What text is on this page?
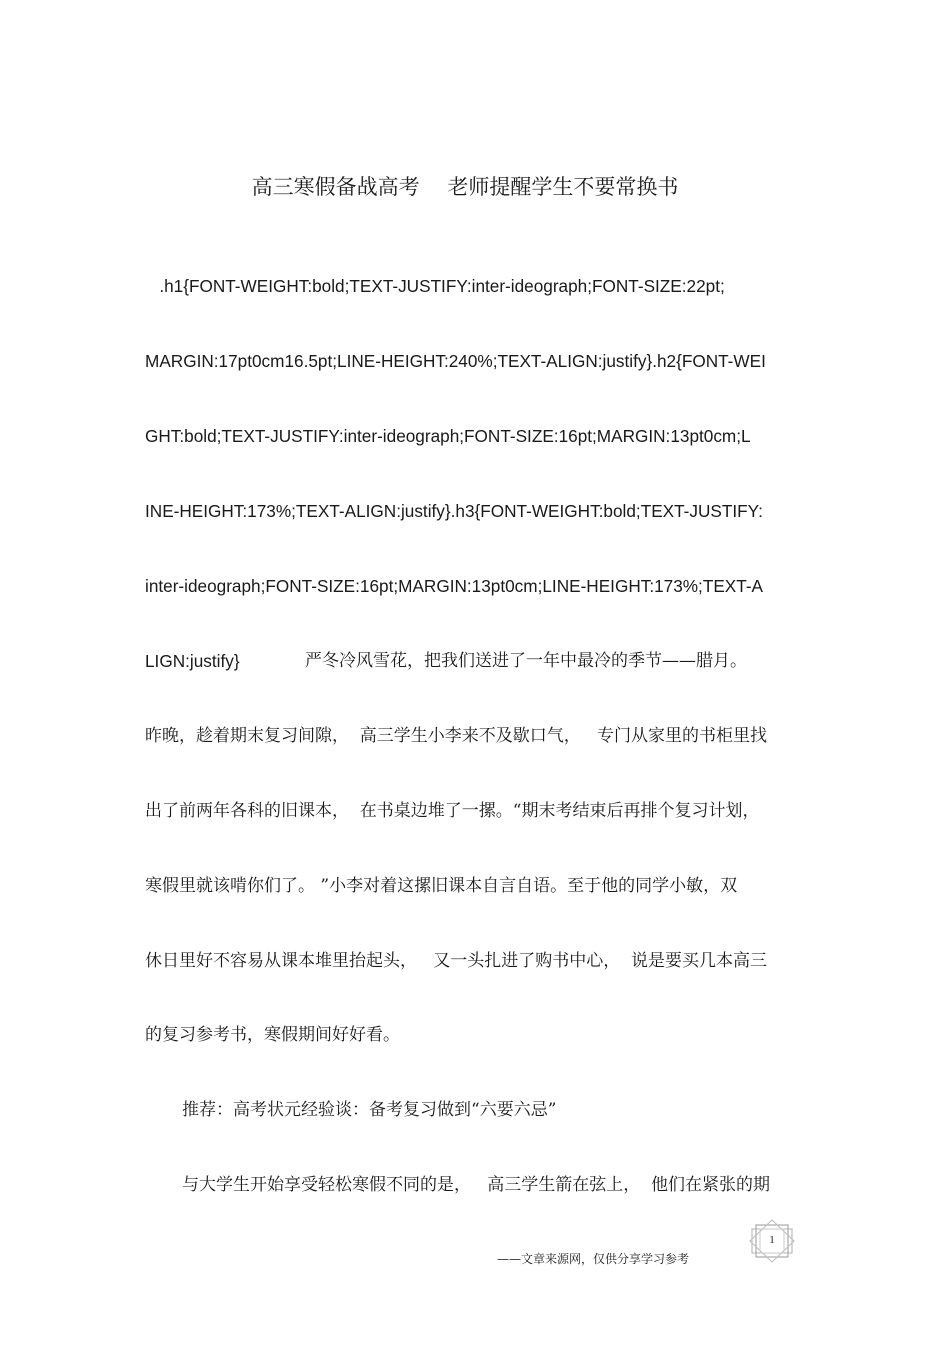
高三寒假备战高考　 老师提醒学生不要常换书
.h1{FONT-WEIGHT:bold;TEXT-JUSTIFY:inter-ideograph;FONT-SIZE:22pt;
MARGIN:17pt0cm16.5pt;LINE-HEIGHT:240%;TEXT-ALIGN:justify}.h2{FONT-WEI
GHT:bold;TEXT-JUSTIFY:inter-ideograph;FONT-SIZE:16pt;MARGIN:13pt0cm;L
INE-HEIGHT:173%;TEXT-ALIGN:justify}.h3{FONT-WEIGHT:bold;TEXT-JUSTIFY:
inter-ideograph;FONT-SIZE:16pt;MARGIN:13pt0cm;LINE-HEIGHT:173%;TEXT-A
LIGN:justify}	严冬冷风雪花，把我们送进了一年中最冷的季节——腊月。
昨晚，趁着期末复习间隙，  高三学生小李来不及歇口气，   专门从家里的书柜里找
出了前两年各科的旧课本，  在书桌边堆了一摞。“期末考结束后再排个复习计划，
寒假里就该啃你们了。 ”小李对着这摞旧课本自言自语。至于他的同学小敏，双
休日里好不容易从课本堆里抬起头，   又一头扎进了购书中心，  说是要买几本高三
的复习参考书，寒假期间好好看。
推荐：高考状元经验谈：备考复习做到“六要六忌”
与大学生开始享受轻松寒假不同的是，   高三学生箭在弦上，  他们在紧张的期
——文章来源网，仅供分享学习参考
1
